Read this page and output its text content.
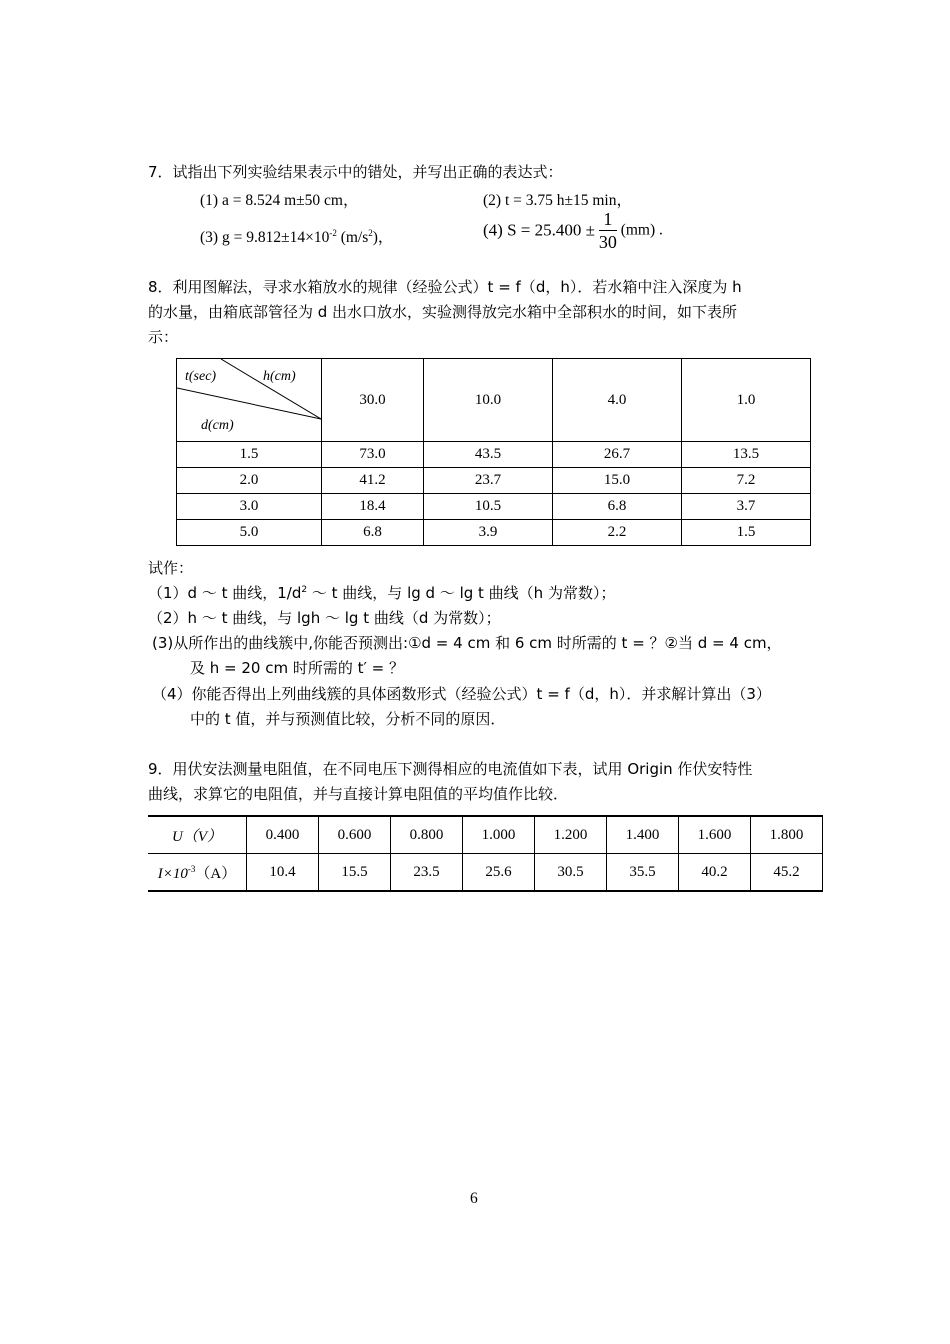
7．试指出下列实验结果表示中的错处，并写出正确的表达式：
(1) a = 8.524 m±50 cm，	(2) t = 3.75 h±15 min，
(3) $g = 9.812\pm 14\times 10^{-2}$ $(m/s^2)$，	(4) $S = 25.400 \pm \frac{1}{30} (mm)$ .
8．利用图解法，寻求水箱放水的规律（经验公式）t = f（d，h）．若水箱中注入深度为 h
的水量，由箱底部管径为 d 出水口放水，实验测得放完水箱中全部积水的时间，如下表所
示：
t(sec) h(cm)
d(cm)	30.0	10.0	4.0	1.0
1.5	73.0	43.5	26.7	13.5
2.0	41.2	23.7	15.0	7.2
3.0	18.4	10.5	6.8	3.7
5.0	6.8	3.9	2.2	1.5
试作：
（1）d ～ t 曲线，$1/d^2$ ～ t 曲线，与 lg d ～ lg t 曲线（h 为常数）；
（2）h ～ t 曲线，与 lgh ～ lg t 曲线（d 为常数）；
(3)从所作出的曲线簇中,你能否预测出:①d = 4 cm 和 6 cm 时所需的 t = ？②当 d = 4 cm，
及 h = 20 cm 时所需的 t′ = ？
（4）你能否得出上列曲线簇的具体函数形式（经验公式）t = f（d，h）．并求解计算出（3）
中的 t 值，并与预测值比较，分析不同的原因．
9．用伏安法测量电阻值，在不同电压下测得相应的电流值如下表，试用 Origin 作伏安特性
曲线，求算它的电阻值，并与直接计算电阻值的平均值作比较．
U（V）	0.400	0.600	0.800	1.000	1.200	1.400	1.600	1.800
$I\times 10^{-3}(A)$	10.4	15.5	23.5	25.6	30.5	35.5	40.2	45.2
6
